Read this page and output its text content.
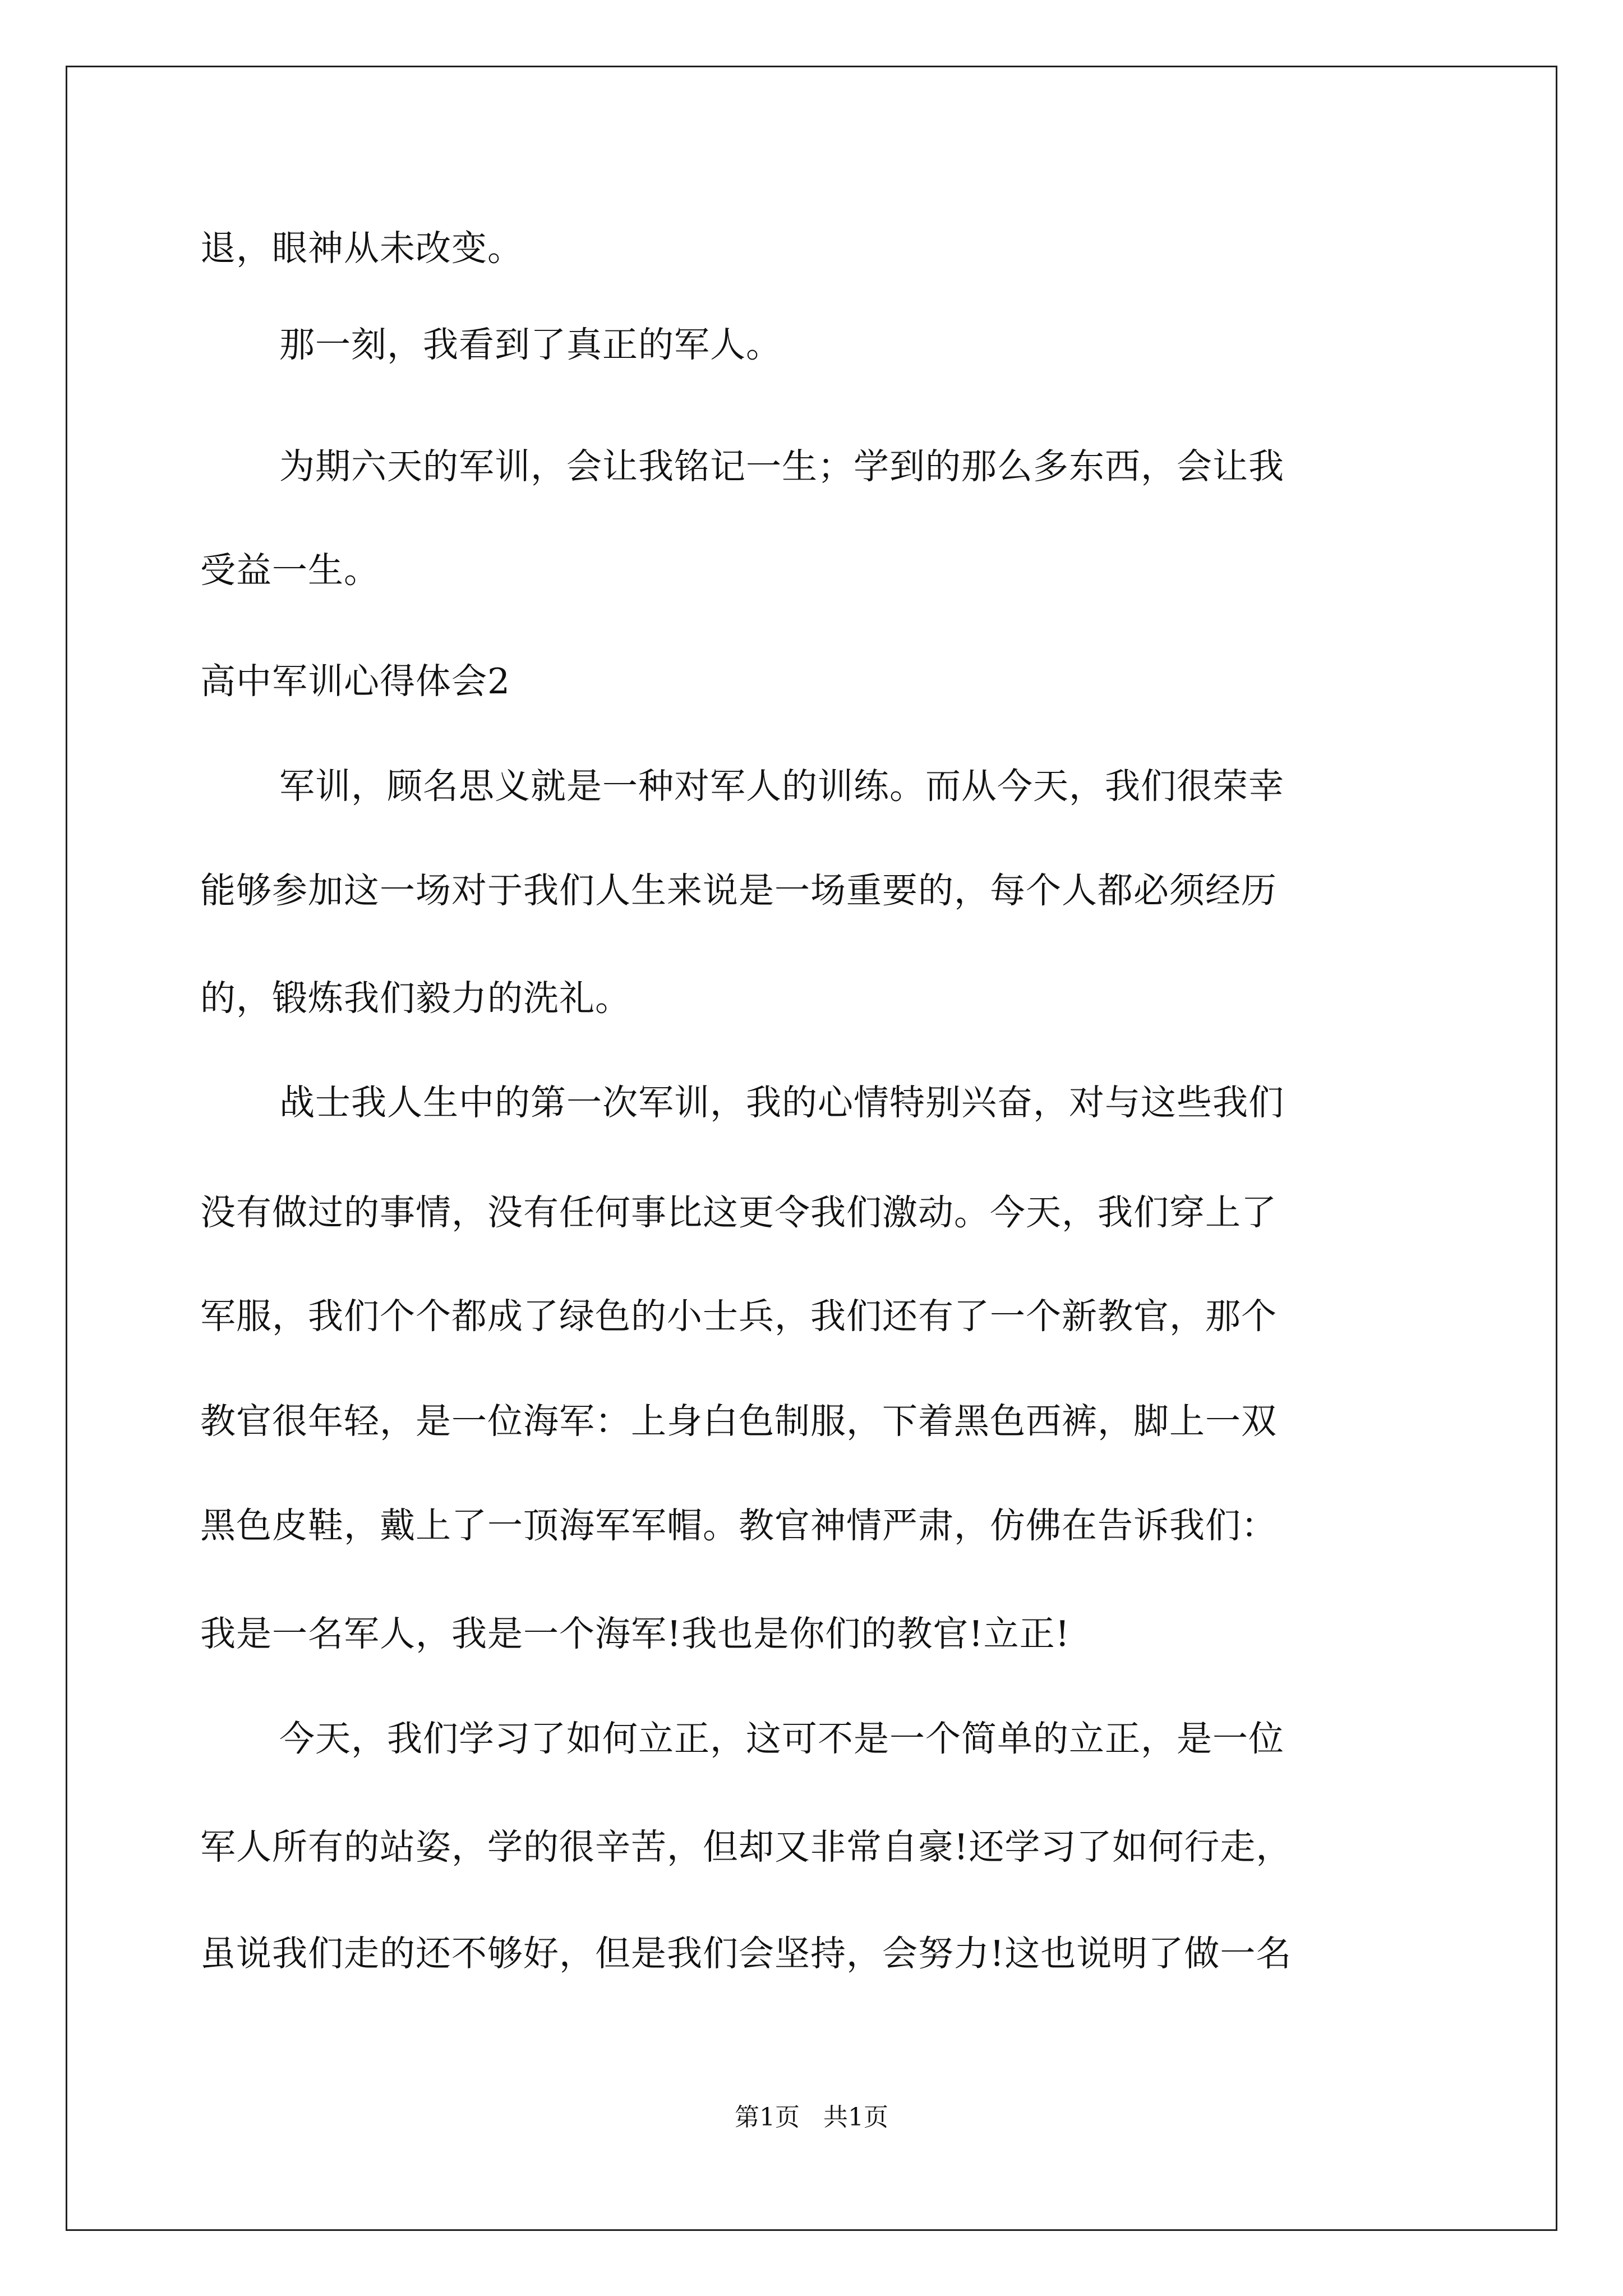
退，眼神从未改变。
那一刻，我看到了真正的军人。
为期六天的军训，会让我铭记一生；学到的那么多东西，会让我
受益一生。
高中军训心得体会2
军训，顾名思义就是一种对军人的训练。而从今天，我们很荣幸
能够参加这一场对于我们人生来说是一场重要的，每个人都必须经历
的，锻炼我们毅力的洗礼。
战士我人生中的第一次军训，我的心情特别兴奋，对与这些我们
没有做过的事情，没有任何事比这更令我们激动。今天，我们穿上了
军服，我们个个都成了绿色的小士兵，我们还有了一个新教官，那个
教官很年轻，是一位海军：上身白色制服，下着黑色西裤，脚上一双
黑色皮鞋，戴上了一顶海军军帽。教官神情严肃，仿佛在告诉我们：
我是一名军人，我是一个海军!我也是你们的教官!立正!
今天，我们学习了如何立正，这可不是一个简单的立正，是一位
军人所有的站姿，学的很辛苦，但却又非常自豪!还学习了如何行走，
虽说我们走的还不够好，但是我们会坚持，会努力!这也说明了做一名
第1页   共1页
